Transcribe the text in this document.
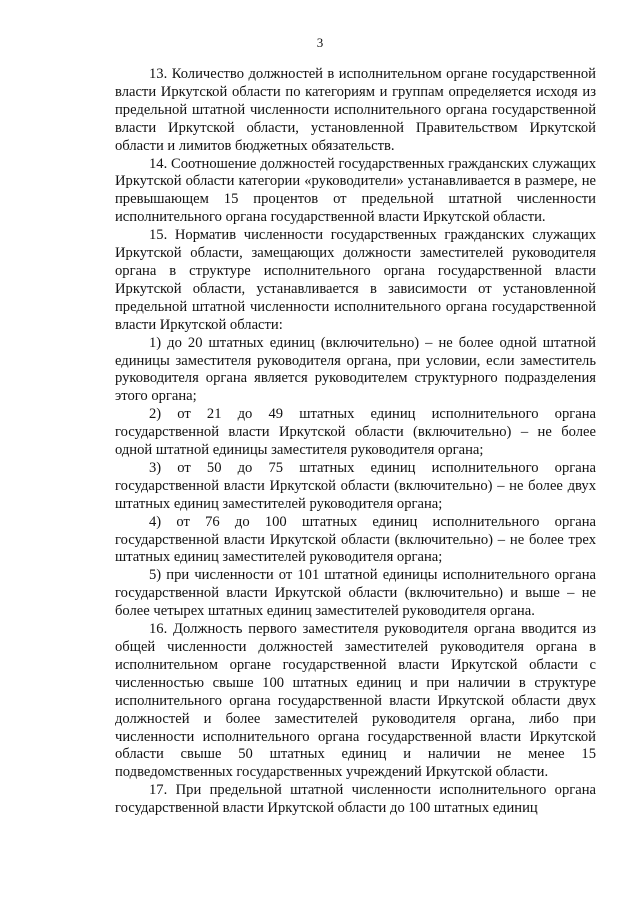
3

13. Количество должностей в исполнительном органе государственной власти Иркутской области по категориям и группам определяется исходя из предельной штатной численности исполнительного органа государственной власти Иркутской области, установленной Правительством Иркутской области и лимитов бюджетных обязательств.

14. Соотношение должностей государственных гражданских служащих Иркутской области категории «руководители» устанавливается в размере, не превышающем 15 процентов от предельной штатной численности исполнительного органа государственной власти Иркутской области.

15. Норматив численности государственных гражданских служащих Иркутской области, замещающих должности заместителей руководителя органа в структуре исполнительного органа государственной власти Иркутской области, устанавливается в зависимости от установленной предельной штатной численности исполнительного органа государственной власти Иркутской области:

1) до 20 штатных единиц (включительно) – не более одной штатной единицы заместителя руководителя органа, при условии, если заместитель руководителя органа является руководителем структурного подразделения этого органа;

2) от 21 до 49 штатных единиц исполнительного органа государственной власти Иркутской области (включительно) – не более одной штатной единицы заместителя руководителя органа;

3) от 50 до 75 штатных единиц исполнительного органа государственной власти Иркутской области (включительно) – не более двух штатных единиц заместителей руководителя органа;

4) от 76 до 100 штатных единиц исполнительного органа государственной власти Иркутской области (включительно) – не более трех штатных единиц заместителей руководителя органа;

5) при численности от 101 штатной единицы исполнительного органа государственной власти Иркутской области (включительно) и выше – не более четырех штатных единиц заместителей руководителя органа.

16. Должность первого заместителя руководителя органа вводится из общей численности должностей заместителей руководителя органа в исполнительном органе государственной власти Иркутской области с численностью свыше 100 штатных единиц и при наличии в структуре исполнительного органа государственной власти Иркутской области двух должностей и более заместителей руководителя органа, либо при численности исполнительного органа государственной власти Иркутской области свыше 50 штатных единиц и наличии не менее 15 подведомственных государственных учреждений Иркутской области.

17. При предельной штатной численности исполнительного органа государственной власти Иркутской области до 100 штатных единиц
